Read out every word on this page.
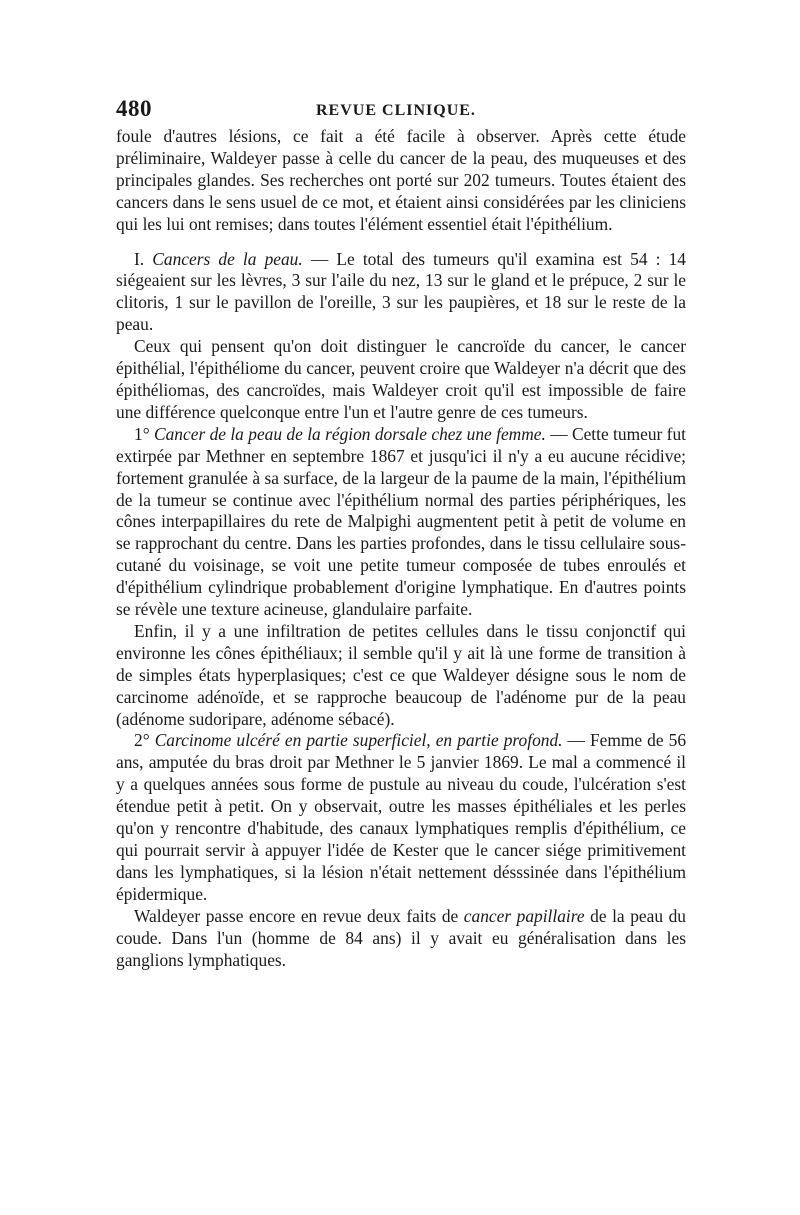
480	REVUE CLINIQUE.

foule d'autres lésions, ce fait a été facile à observer. Après cette étude préliminaire, Waldeyer passe à celle du cancer de la peau, des muqueuses et des principales glandes. Ses recherches ont porté sur 202 tumeurs. Toutes étaient des cancers dans le sens usuel de ce mot, et étaient ainsi considérées par les cliniciens qui les lui ont remises; dans toutes l'élément essentiel était l'épithélium.

I. Cancers de la peau. — Le total des tumeurs qu'il examina est 54 : 14 siégeaient sur les lèvres, 3 sur l'aile du nez, 13 sur le gland et le prépuce, 2 sur le clitoris, 1 sur le pavillon de l'oreille, 3 sur les paupières, et 18 sur le reste de la peau.

Ceux qui pensent qu'on doit distinguer le cancroïde du cancer, le cancer épithélial, l'épithéliome du cancer, peuvent croire que Waldeyer n'a décrit que des épithéliomas, des cancroïdes, mais Waldeyer croit qu'il est impossible de faire une différence quelconque entre l'un et l'autre genre de ces tumeurs.

1° Cancer de la peau de la région dorsale chez une femme. — Cette tumeur fut extirpée par Methner en septembre 1867 et jusqu'ici il n'y a eu aucune récidive; fortement granulée à sa surface, de la largeur de la paume de la main, l'épithélium de la tumeur se continue avec l'épithélium normal des parties périphériques, les cônes interpapillaires du rete de Malpighi augmentent petit à petit de volume en se rapprochant du centre. Dans les parties profondes, dans le tissu cellulaire sous-cutané du voisinage, se voit une petite tumeur composée de tubes enroulés et d'épithélium cylindrique probablement d'origine lymphatique. En d'autres points se révèle une texture acineuse, glandulaire parfaite.

Enfin, il y a une infiltration de petites cellules dans le tissu conjonctif qui environne les cônes épithéliaux; il semble qu'il y ait là une forme de transition à de simples états hyperplasiques; c'est ce que Waldeyer désigne sous le nom de carcinome adénoïde, et se rapproche beaucoup de l'adénome pur de la peau (adénome sudoripare, adénome sébacé).

2° Carcinome ulcéré en partie superficiel, en partie profond. — Femme de 56 ans, amputée du bras droit par Methner le 5 janvier 1869. Le mal a commencé il y a quelques années sous forme de pustule au niveau du coude, l'ulcération s'est étendue petit à petit. On y observait, outre les masses épithéliales et les perles qu'on y rencontre d'habitude, des canaux lymphatiques remplis d'épithélium, ce qui pourrait servir à appuyer l'idée de Kester que le cancer siége primitivement dans les lymphatiques, si la lésion n'était nettement désssinée dans l'épithélium épidermique.

Waldeyer passe encore en revue deux faits de cancer papillaire de la peau du coude. Dans l'un (homme de 84 ans) il y avait eu généralisation dans les ganglions lymphatiques.
